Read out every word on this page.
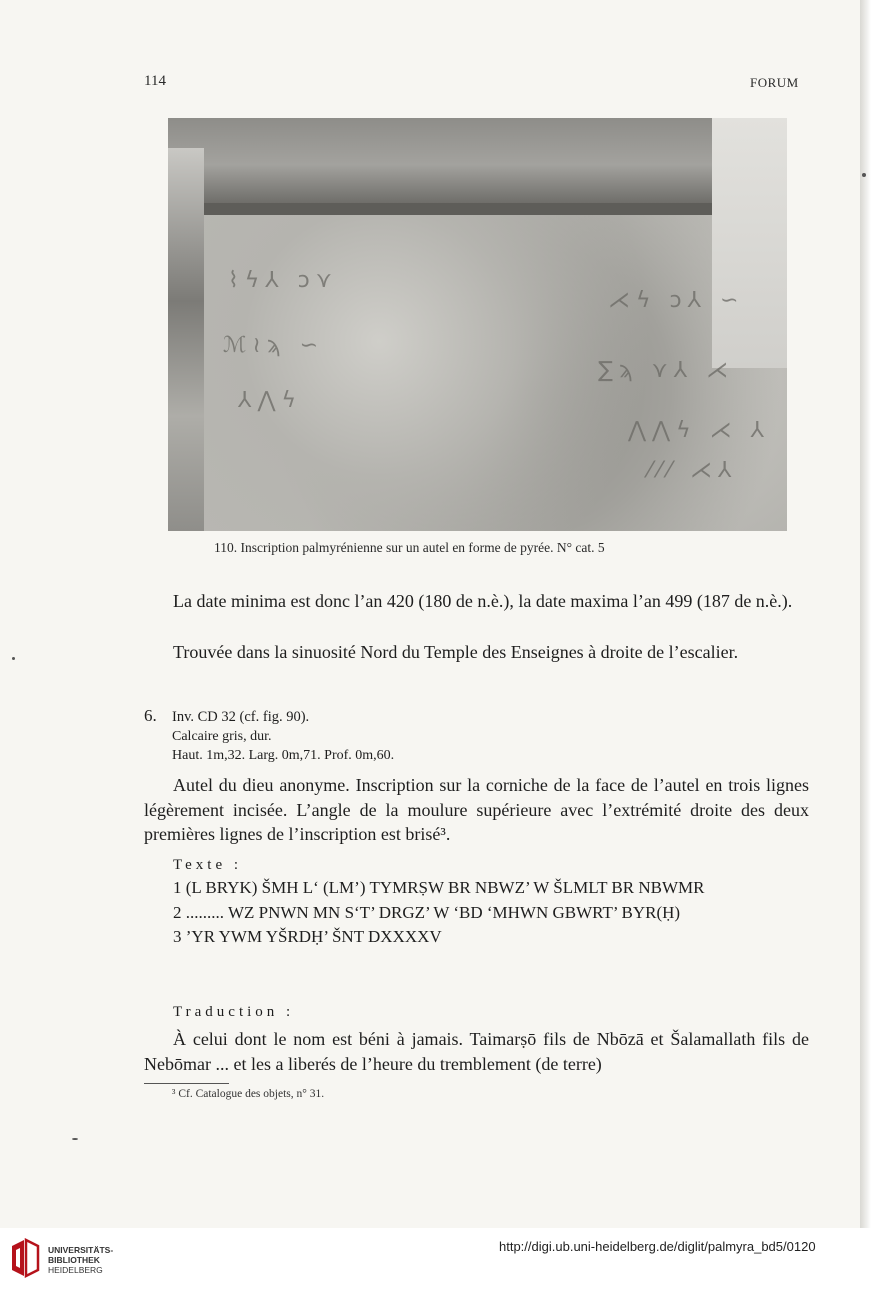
114	FORUM
⌇ϟ⅄ ↄ⋎
ℳ≀ϡ ∽
⅄⋀ϟ
⋌ϟ ↄ⅄ ∽
∑ϡ ⋎⅄ ⋌
⋀⋀ϟ ⋌ ⅄
⁄⁄⁄ ⋌⅄
110. Inscription palmyrénienne sur un autel en forme de pyrée. N° cat. 5

La date minima est donc l’an 420 (180 de n.è.), la date maxima l’an 499 (187 de n.è.).

Trouvée dans la sinuosité Nord du Temple des Enseignes à droite de l’escalier.

6.	Inv. CD 32 (cf. fig. 90).

Calcaire gris, dur.

Haut. 1m,32. Larg. 0m,71. Prof. 0m,60.

Autel du dieu anonyme. Inscription sur la corniche de la face de l’autel en trois lignes légèrement incisée. L’angle de la moulure supérieure avec l’extrémité droite des deux premières lignes de l’inscription est brisé³.

Texte :

1 (L BRYK) ŠMH L‘ (LM’) TYMRṢW BR NBWZ’ W ŠLMLT BR NBWMR

2 ......... WZ PNWN MN S‘T’ DRGZ’ W ‘BD ‘MHWN GBWRT’ BYR(Ḥ)

3 ’YR YWM YŠRDḤ’ ŠNT DXXXXV

Traduction :

À celui dont le nom est béni à jamais. Taimarṣō fils de Nbōzā et Šalamallath fils de Nebōmar ... et les a liberés de l’heure du tremblement (de terre)

³ Cf. Catalogue des objets, n° 31.
UNIVERSITÄTS-
BIBLIOTHEK
HEIDELBERG
http://digi.ub.uni-heidelberg.de/diglit/palmyra_bd5/0120
